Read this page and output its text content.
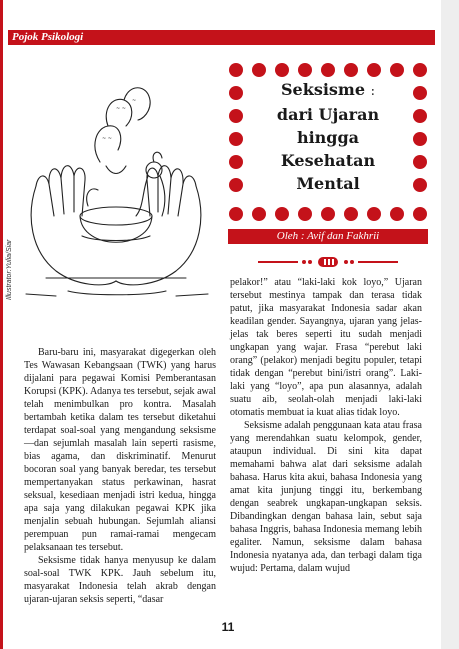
Pojok Psikologi
~ ~
~ ~
~
Illustrator:Yulia/Siar
Seksisme :
dari Ujaran hingga Kesehatan Mental
Oleh : Avif dan Fakhrii

Baru-baru ini, masyarakat digegerkan oleh Tes Wawasan Kebangsaan (TWK) yang harus dijalani para pegawai Komisi Pemberantasan Korupsi (KPK). Adanya tes tersebut, sejak awal telah menimbulkan pro kontra. Masalah bertambah ketika dalam tes tersebut diketahui terdapat soal-soal yang mengandung seksisme—dan sejumlah masalah lain seperti rasisme, bias agama, dan diskriminatif. Menurut bocoran soal yang banyak beredar, tes tersebut mempertanyakan status perkawinan, hasrat seksual, kesediaan menjadi istri kedua, hingga apa saja yang dilakukan pegawai KPK jika menjalin sebuah hubungan. Sejumlah aliansi perempuan pun ramai-ramai mengecam pelaksanaan tes tersebut.

Seksisme tidak hanya menyusup ke dalam soal-soal TWK KPK. Jauh sebelum itu, masyarakat Indonesia telah akrab dengan ujaran-ujaran seksis seperti, “dasar

pelakor!” atau “laki-laki kok loyo,” Ujaran tersebut mestinya tampak dan terasa tidak patut, jika masyarakat Indonesia sadar akan keadilan gender. Sayangnya, ujaran yang jelas-jelas tak beres seperti itu sudah menjadi ungkapan yang wajar. Frasa “perebut laki orang” (pelakor) menjadi begitu populer, tetapi tidak dengan “perebut bini/istri orang”. Laki-laki yang “loyo”, apa pun alasannya, adalah suatu aib, seolah-olah menjadi laki-laki otomatis membuat ia kuat alias tidak loyo.

Seksisme adalah penggunaan kata atau frasa yang merendahkan suatu kelompok, gender, ataupun individual. Di sini kita dapat memahami bahwa alat dari seksisme adalah bahasa. Harus kita akui, bahasa Indonesia yang amat kita junjung tinggi itu, berkembang dengan seabrek ungkapan-ungkapan seksis. Dibandingkan dengan bahasa lain, sebut saja bahasa Inggris, bahasa Indonesia memang lebih egaliter. Namun, seksisme dalam bahasa Indonesia nyatanya ada, dan terbagi dalam tiga wujud: Pertama, dalam wujud

11
